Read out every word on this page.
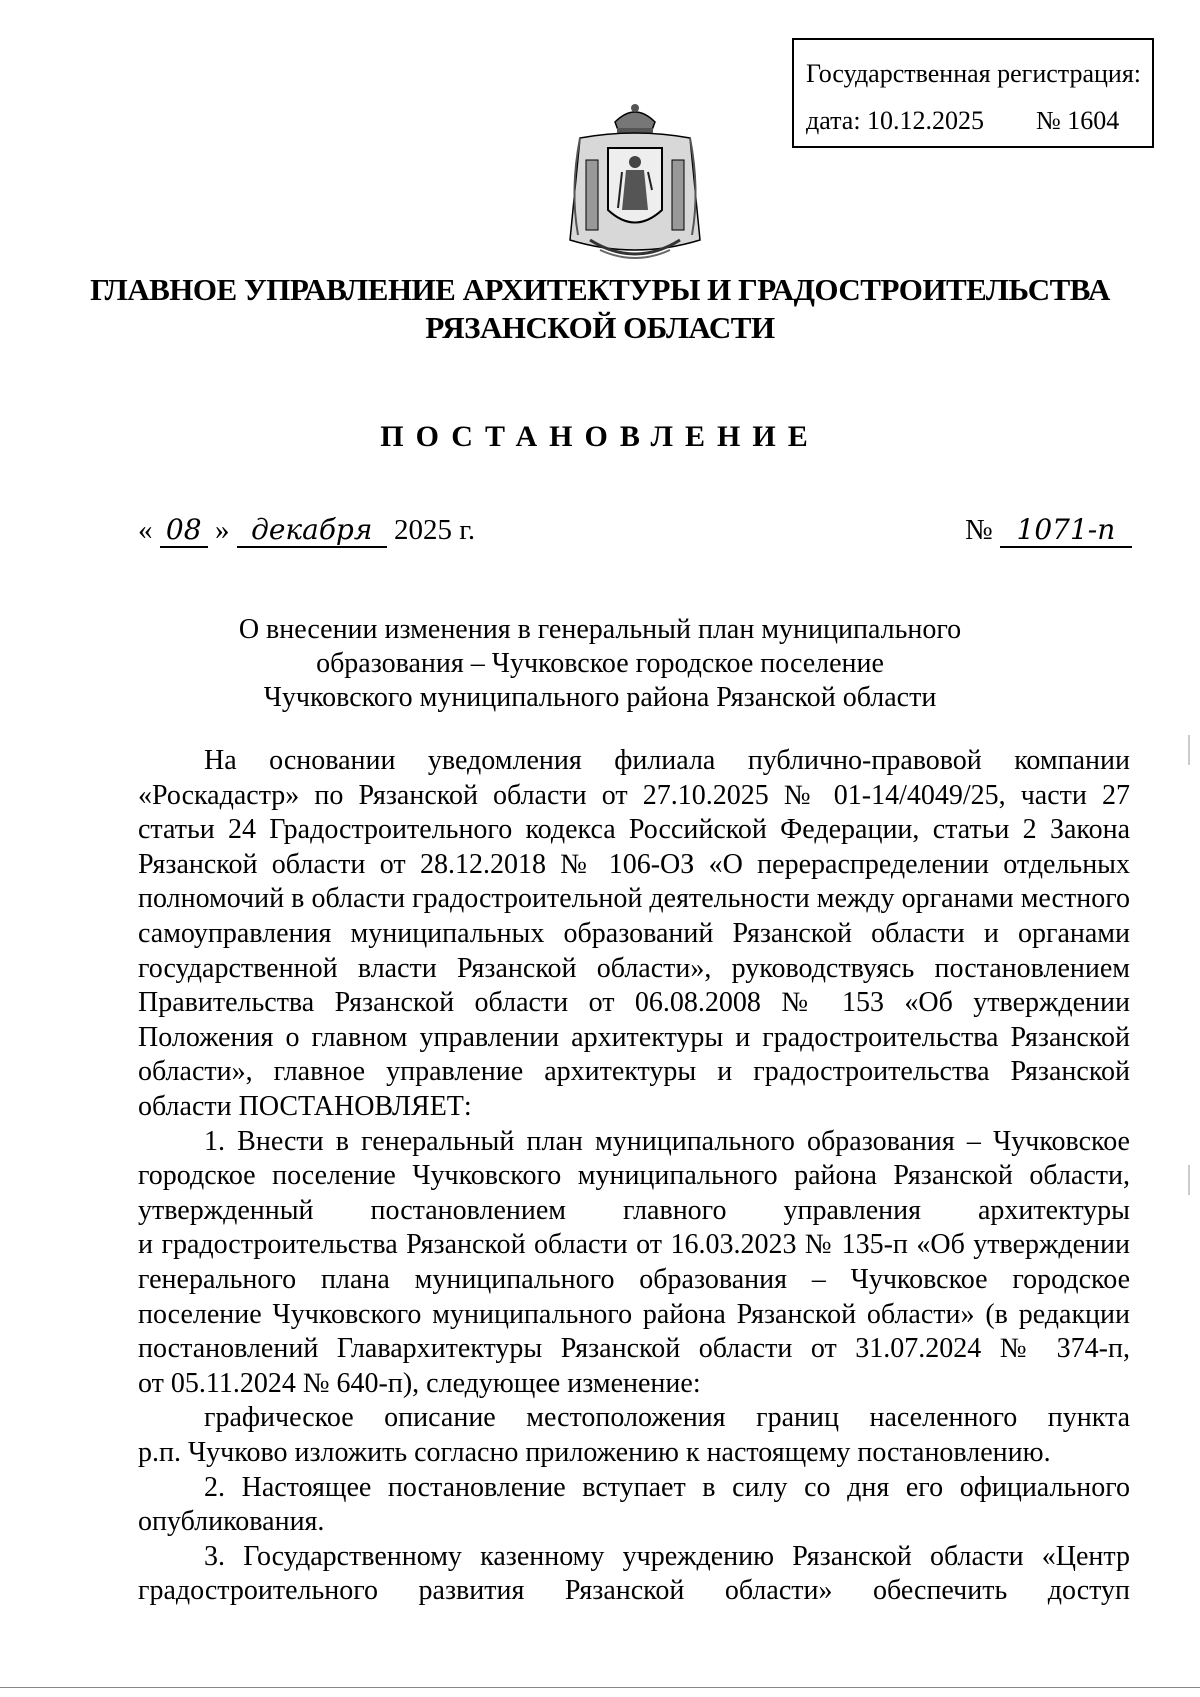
Государственная регистрация:
дата: 10.12.2025 № 1604
ГЛАВНОЕ УПРАВЛЕНИЕ АРХИТЕКТУРЫ И ГРАДОСТРОИТЕЛЬСТВА
РЯЗАНСКОЙ ОБЛАСТИ
ПОСТАНОВЛЕНИЕ
« 08 » декабря 2025 г.	№ 1071-п
О внесении изменения в генеральный план муниципального
образования – Чучковское городское поселение
Чучковского муниципального района Рязанской области
На основании уведомления филиала публично-правовой компании
«Роскадастр» по Рязанской области от 27.10.2025 № 01-14/4049/25, части 27
статьи 24 Градостроительного кодекса Российской Федерации, статьи 2 Закона
Рязанской области от 28.12.2018 № 106-ОЗ «О перераспределении отдельных
полномочий в области градостроительной деятельности между органами местного
самоуправления муниципальных образований Рязанской области и органами
государственной власти Рязанской области», руководствуясь постановлением
Правительства Рязанской области от 06.08.2008 № 153 «Об утверждении
Положения о главном управлении архитектуры и градостроительства Рязанской
области», главное управление архитектуры и градостроительства Рязанской
области ПОСТАНОВЛЯЕТ:
1. Внести в генеральный план муниципального образования – Чучковское
городское поселение Чучковского муниципального района Рязанской области,
утвержденный постановлением главного управления архитектуры
и градостроительства Рязанской области от 16.03.2023 № 135-п «Об утверждении
генерального плана муниципального образования – Чучковское городское
поселение Чучковского муниципального района Рязанской области» (в редакции
постановлений Главархитектуры Рязанской области от 31.07.2024 № 374-п,
от 05.11.2024 № 640-п), следующее изменение:
графическое описание местоположения границ населенного пункта
р.п. Чучково изложить согласно приложению к настоящему постановлению.
2. Настоящее постановление вступает в силу со дня его официального
опубликования.
3. Государственному казенному учреждению Рязанской области «Центр
градостроительного развития Рязанской области» обеспечить доступ
